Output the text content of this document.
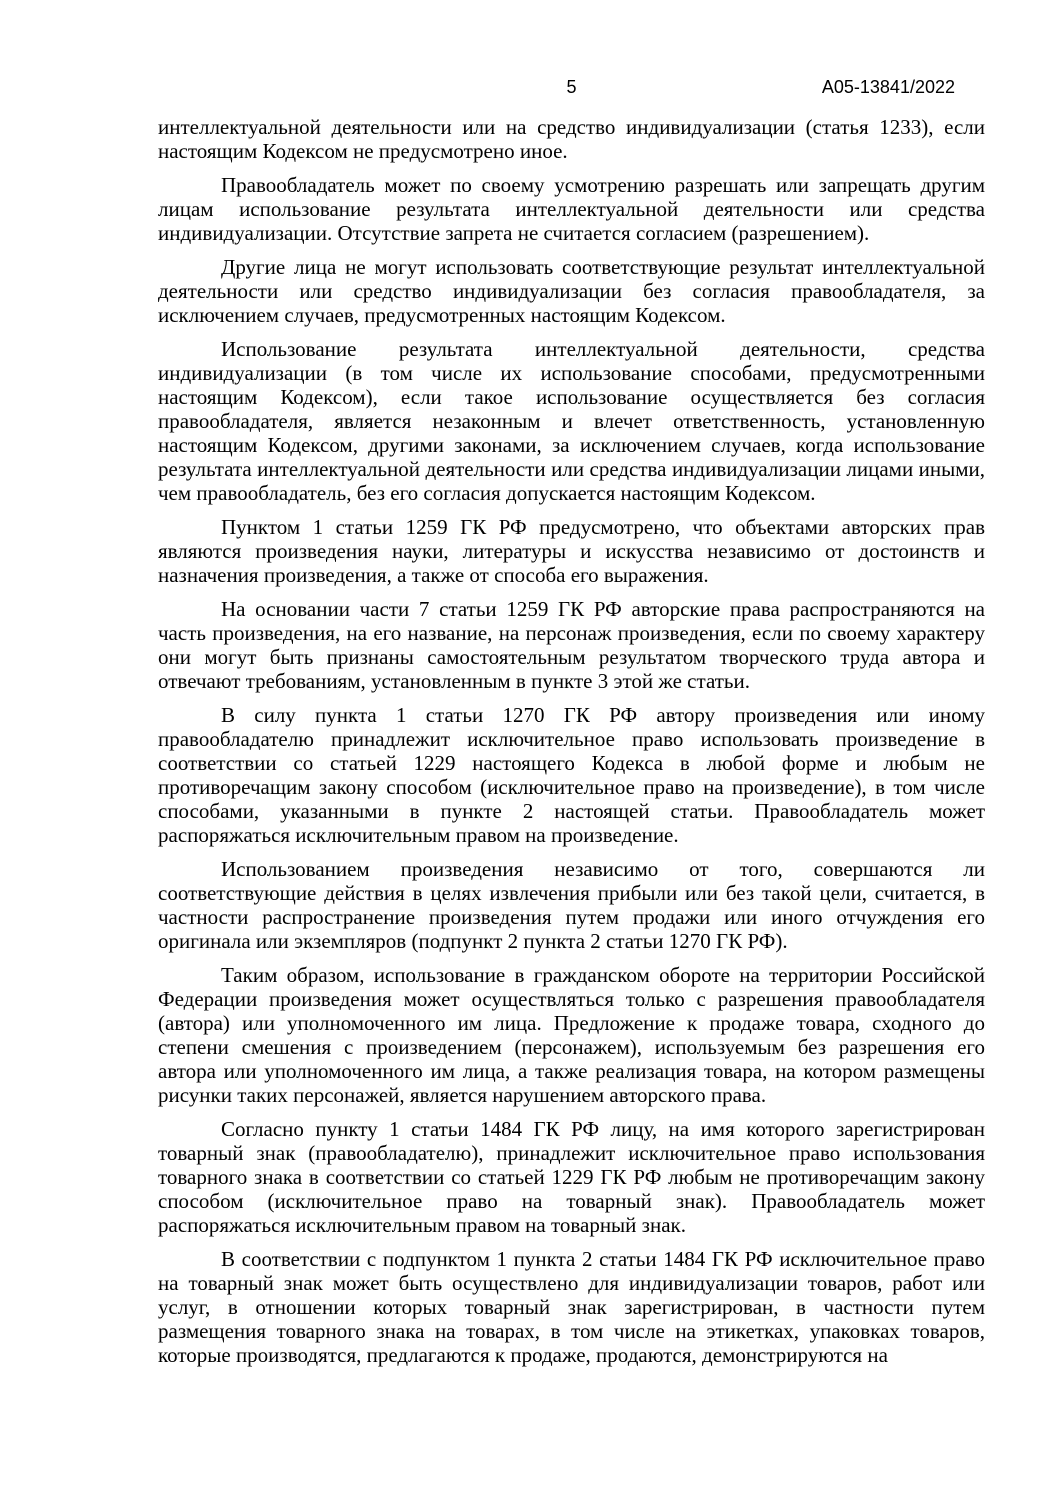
5	А05-13841/2022

интеллектуальной деятельности или на средство индивидуализации (статья 1233), если настоящим Кодексом не предусмотрено иное.

Правообладатель может по своему усмотрению разрешать или запрещать другим лицам использование результата интеллектуальной деятельности или средства индивидуализации. Отсутствие запрета не считается согласием (разрешением).

Другие лица не могут использовать соответствующие результат интеллектуальной деятельности или средство индивидуализации без согласия правообладателя, за исключением случаев, предусмотренных настоящим Кодексом.

Использование результата интеллектуальной деятельности, средства индивидуализации (в том числе их использование способами, предусмотренными настоящим Кодексом), если такое использование осуществляется без согласия правообладателя, является незаконным и влечет ответственность, установленную настоящим Кодексом, другими законами, за исключением случаев, когда использование результата интеллектуальной деятельности или средства индивидуализации лицами иными, чем правообладатель, без его согласия допускается настоящим Кодексом.

Пунктом 1 статьи 1259 ГК РФ предусмотрено, что объектами авторских прав являются произведения науки, литературы и искусства независимо от достоинств и назначения произведения, а также от способа его выражения.

На основании части 7 статьи 1259 ГК РФ авторские права распространяются на часть произведения, на его название, на персонаж произведения, если по своему характеру они могут быть признаны самостоятельным результатом творческого труда автора и отвечают требованиям, установленным в пункте 3 этой же статьи.

В силу пункта 1 статьи 1270 ГК РФ автору произведения или иному правообладателю принадлежит исключительное право использовать произведение в соответствии со статьей 1229 настоящего Кодекса в любой форме и любым не противоречащим закону способом (исключительное право на произведение), в том числе способами, указанными в пункте 2 настоящей статьи. Правообладатель может распоряжаться исключительным правом на произведение.

Использованием произведения независимо от того, совершаются ли соответствующие действия в целях извлечения прибыли или без такой цели, считается, в частности распространение произведения путем продажи или иного отчуждения его оригинала или экземпляров (подпункт 2 пункта 2 статьи 1270 ГК РФ).

Таким образом, использование в гражданском обороте на территории Российской Федерации произведения может осуществляться только с разрешения правообладателя (автора) или уполномоченного им лица. Предложение к продаже товара, сходного до степени смешения с произведением (персонажем), используемым без разрешения его автора или уполномоченного им лица, а также реализация товара, на котором размещены рисунки таких персонажей, является нарушением авторского права.

Согласно пункту 1 статьи 1484 ГК РФ лицу, на имя которого зарегистрирован товарный знак (правообладателю), принадлежит исключительное право использования товарного знака в соответствии со статьей 1229 ГК РФ любым не противоречащим закону способом (исключительное право на товарный знак). Правообладатель может распоряжаться исключительным правом на товарный знак.

В соответствии с подпунктом 1 пункта 2 статьи 1484 ГК РФ исключительное право на товарный знак может быть осуществлено для индивидуализации товаров, работ или услуг, в отношении которых товарный знак зарегистрирован, в частности путем размещения товарного знака на товарах, в том числе на этикетках, упаковках товаров, которые производятся, предлагаются к продаже, продаются, демонстрируются на
